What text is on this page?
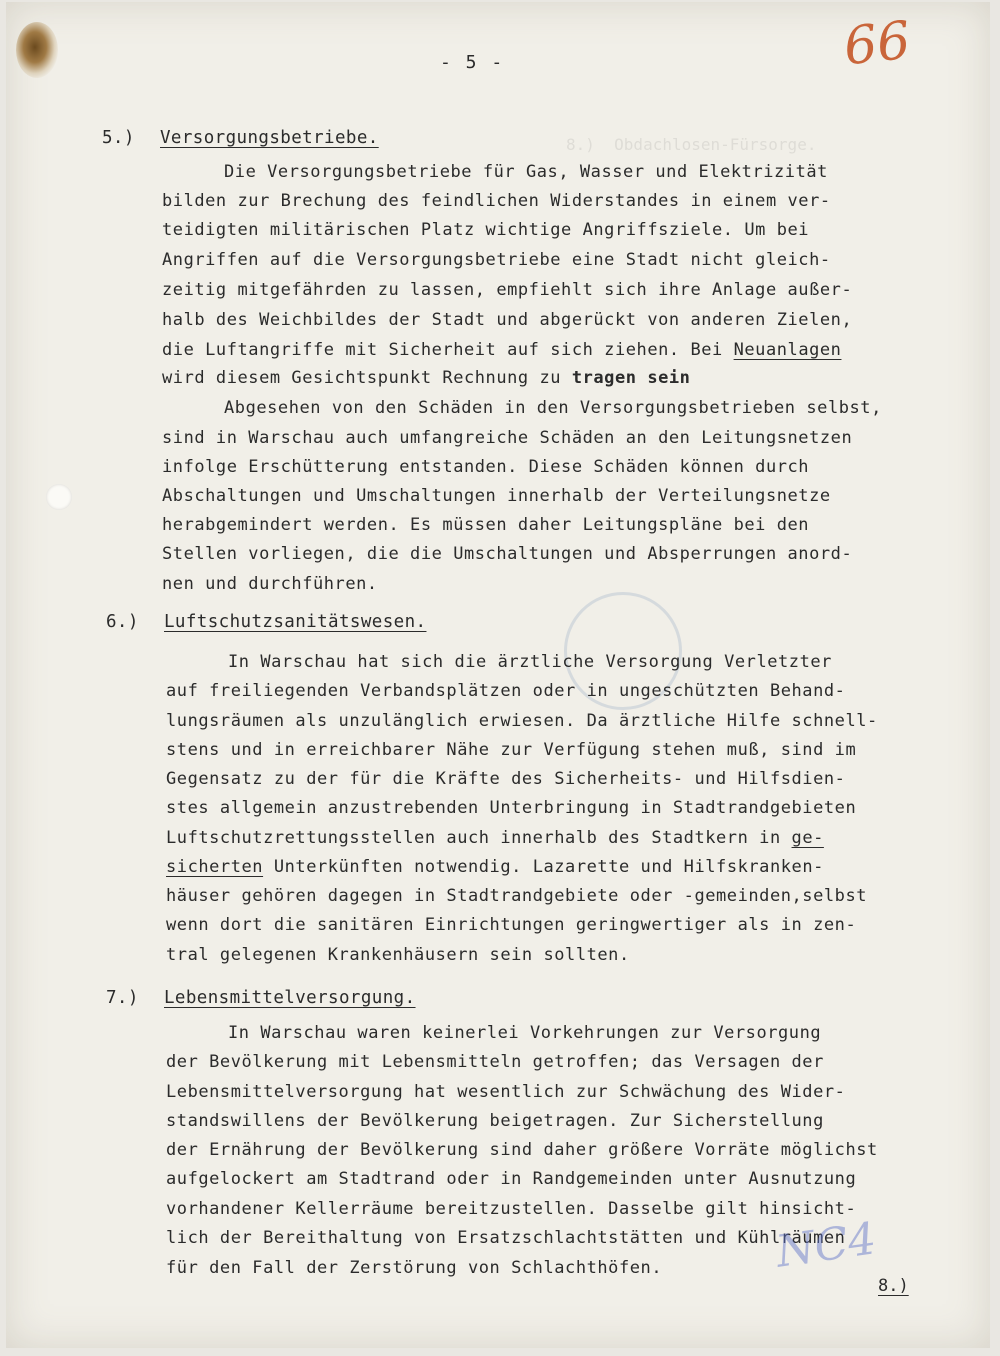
8.)  Obdachlosen-Fürsorge.
- 5 -	66
5.) Versorgungsbetriebe.
Die Versorgungsbetriebe für Gas, Wasser und Elektrizität
bilden zur Brechung des feindlichen Widerstandes in einem ver-
teidigten militärischen Platz wichtige Angriffsziele. Um bei
Angriffen auf die Versorgungsbetriebe eine Stadt nicht gleich-
zeitig mitgefährden zu lassen, empfiehlt sich ihre Anlage außer-
halb des Weichbildes der Stadt und abgerückt von anderen Zielen,
die Luftangriffe mit Sicherheit auf sich ziehen. Bei Neuanlagen
wird diesem Gesichtspunkt Rechnung zu tragen sein
Abgesehen von den Schäden in den Versorgungsbetrieben selbst,
sind in Warschau auch umfangreiche Schäden an den Leitungsnetzen
infolge Erschütterung entstanden. Diese Schäden können durch
Abschaltungen und Umschaltungen innerhalb der Verteilungsnetze
herabgemindert werden. Es müssen daher Leitungspläne bei den
Stellen vorliegen, die die Umschaltungen und Absperrungen anord-
nen und durchführen.
6.) Luftschutzsanitätswesen.
In Warschau hat sich die ärztliche Versorgung Verletzter
auf freiliegenden Verbandsplätzen oder in ungeschützten Behand-
lungsräumen als unzulänglich erwiesen. Da ärztliche Hilfe schnell-
stens und in erreichbarer Nähe zur Verfügung stehen muß, sind im
Gegensatz zu der für die Kräfte des Sicherheits- und Hilfsdien-
stes allgemein anzustrebenden Unterbringung in Stadtrandgebieten
Luftschutzrettungsstellen auch innerhalb des Stadtkern in ge-
sicherten Unterkünften notwendig. Lazarette und Hilfskranken-
häuser gehören dagegen in Stadtrandgebiete oder -gemeinden,selbst
wenn dort die sanitären Einrichtungen geringwertiger als in zen-
tral gelegenen Krankenhäusern sein sollten.
7.) Lebensmittelversorgung.
In Warschau waren keinerlei Vorkehrungen zur Versorgung
der Bevölkerung mit Lebensmitteln getroffen; das Versagen der
Lebensmittelversorgung hat wesentlich zur Schwächung des Wider-
standswillens der Bevölkerung beigetragen. Zur Sicherstellung
der Ernährung der Bevölkerung sind daher größere Vorräte möglichst
aufgelockert am Stadtrand oder in Randgemeinden unter Ausnutzung
vorhandener Kellerräume bereitzustellen. Dasselbe gilt hinsicht-
lich der Bereithaltung von Ersatzschlachtstätten und Kühlräumen
für den Fall der Zerstörung von Schlachthöfen.	NC4
8.)
